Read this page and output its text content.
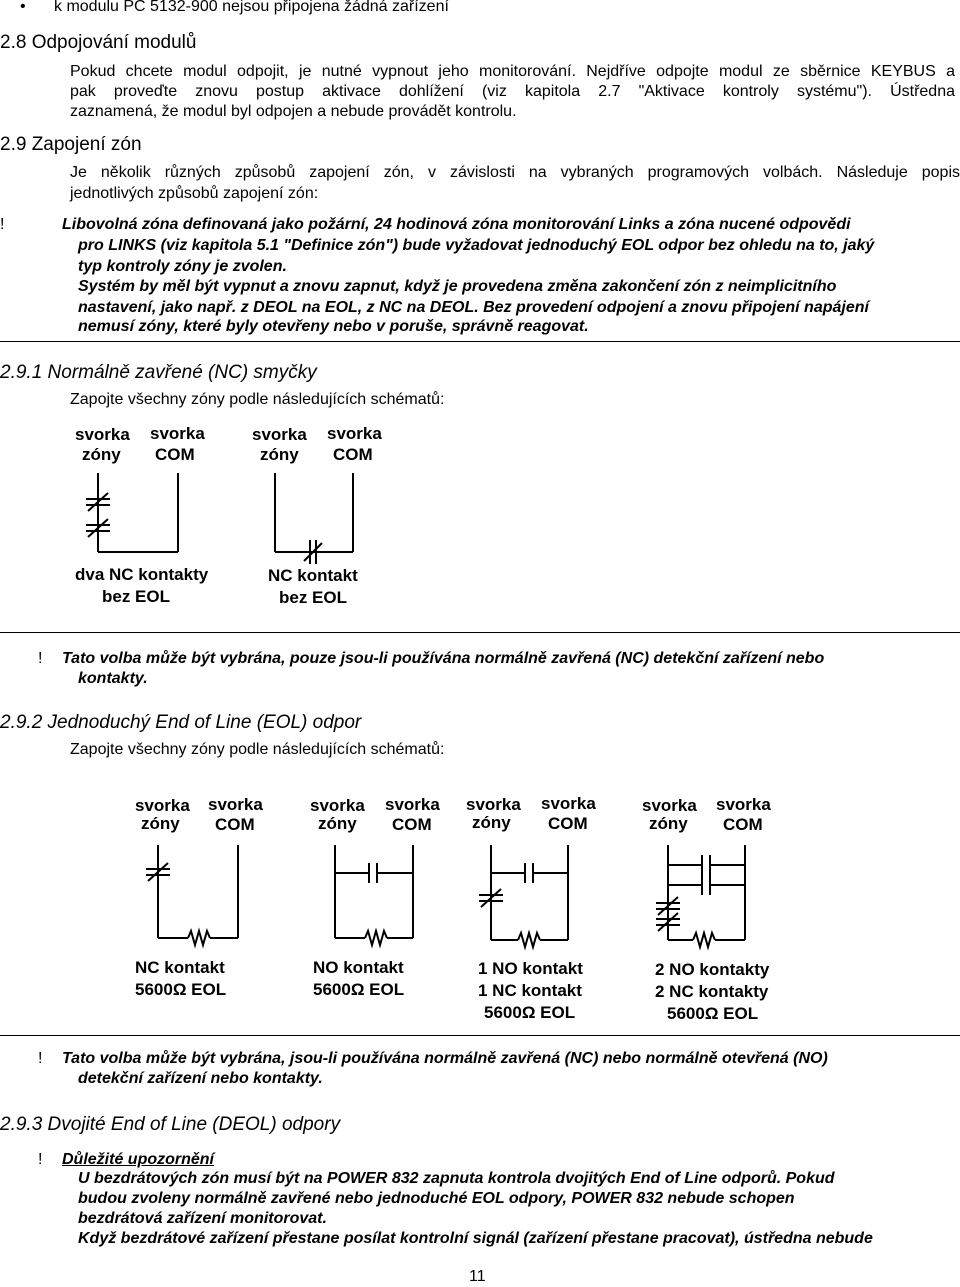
• k modulu PC 5132-900 nejsou připojena žádná zařízení
2.8 Odpojování modulů
Pokud chcete modul odpojit, je nutné vypnout jeho monitorování. Nejdříve odpojte modul ze sběrnice KEYBUS a
pak proveďte znovu postup aktivace dohlížení (viz kapitola 2.7 "Aktivace kontroly systému"). Ústředna
zaznamená, že modul byl odpojen a nebude provádět kontrolu.
2.9 Zapojení zón
Je několik různých způsobů zapojení zón, v závislosti na vybraných programových volbách. Následuje popis
jednotlivých způsobů zapojení zón:
!	Libovolná zóna definovaná jako požární, 24 hodinová zóna monitorování Links a zóna nucené odpovědi
pro LINKS (viz kapitola 5.1 "Definice zón") bude vyžadovat jednoduchý EOL odpor bez ohledu na to, jaký
typ kontroly zóny je zvolen.
Systém by měl být vypnut a znovu zapnut, když je provedena změna zakončení zón z neimplicitního
nastavení, jako např. z DEOL na EOL, z NC na DEOL. Bez provedení odpojení a znovu připojení napájení
nemusí zóny, které byly otevřeny nebo v poruše, správně reagovat.
2.9.1 Normálně zavřené (NC) smyčky
Zapojte všechny zóny podle následujících schématů:
svorka
zóny
svorka
COM
dva NC kontakty
bez EOL
svorka
zóny
svorka
COM
NC kontakt
bez EOL
! Tato volba může být vybrána, pouze jsou-li používána normálně zavřená (NC) detekční zařízení nebo
kontakty.
2.9.2 Jednoduchý End of Line (EOL) odpor
Zapojte všechny zóny podle následujících schématů:
svorka
zóny
svorka
COM
NC kontakt
5600Ω EOL
svorka
zóny
svorka
COM
NO kontakt
5600Ω EOL
svorka
zóny
svorka
COM
1 NO kontakt
1 NC kontakt
5600Ω EOL
svorka
zóny
svorka
COM
2 NO kontakty
2 NC kontakty
5600Ω EOL
! Tato volba může být vybrána, jsou-li používána normálně zavřená (NC) nebo normálně otevřená (NO)
detekční zařízení nebo kontakty.
2.9.3 Dvojité End of Line (DEOL) odpory
! Důležité upozornění
U bezdrátových zón musí být na POWER 832 zapnuta kontrola dvojitých End of Line odporů. Pokud
budou zvoleny normálně zavřené nebo jednoduché EOL odpory, POWER 832 nebude schopen
bezdrátová zařízení monitorovat.
Když bezdrátové zařízení přestane posílat kontrolní signál (zařízení přestane pracovat), ústředna nebude
11
